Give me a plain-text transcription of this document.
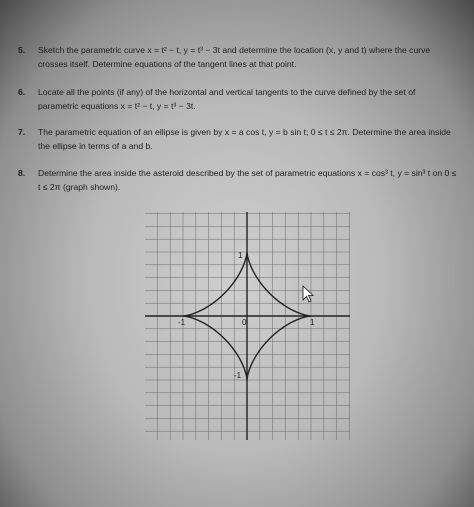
5. Sketch the parametric curve x = t² − t, y = t³ − 3t and determine the location (x, y and t) where the curve crosses itself. Determine equations of the tangent lines at that point.
6. Locate all the points (if any) of the horizontal and vertical tangents to the curve defined by the set of parametric equations x = t² − t, y = t³ − 3t.
7. The parametric equation of an ellipse is given by x = a cos t, y = b sin t; 0 ≤ t ≤ 2π. Determine the area inside the ellipse in terms of a and b.
8. Determine the area inside the asteroid described by the set of parametric equations x = cos³ t, y = sin³ t on 0 ≤ t ≤ 2π (graph shown).
1
-1
1
-1	0
